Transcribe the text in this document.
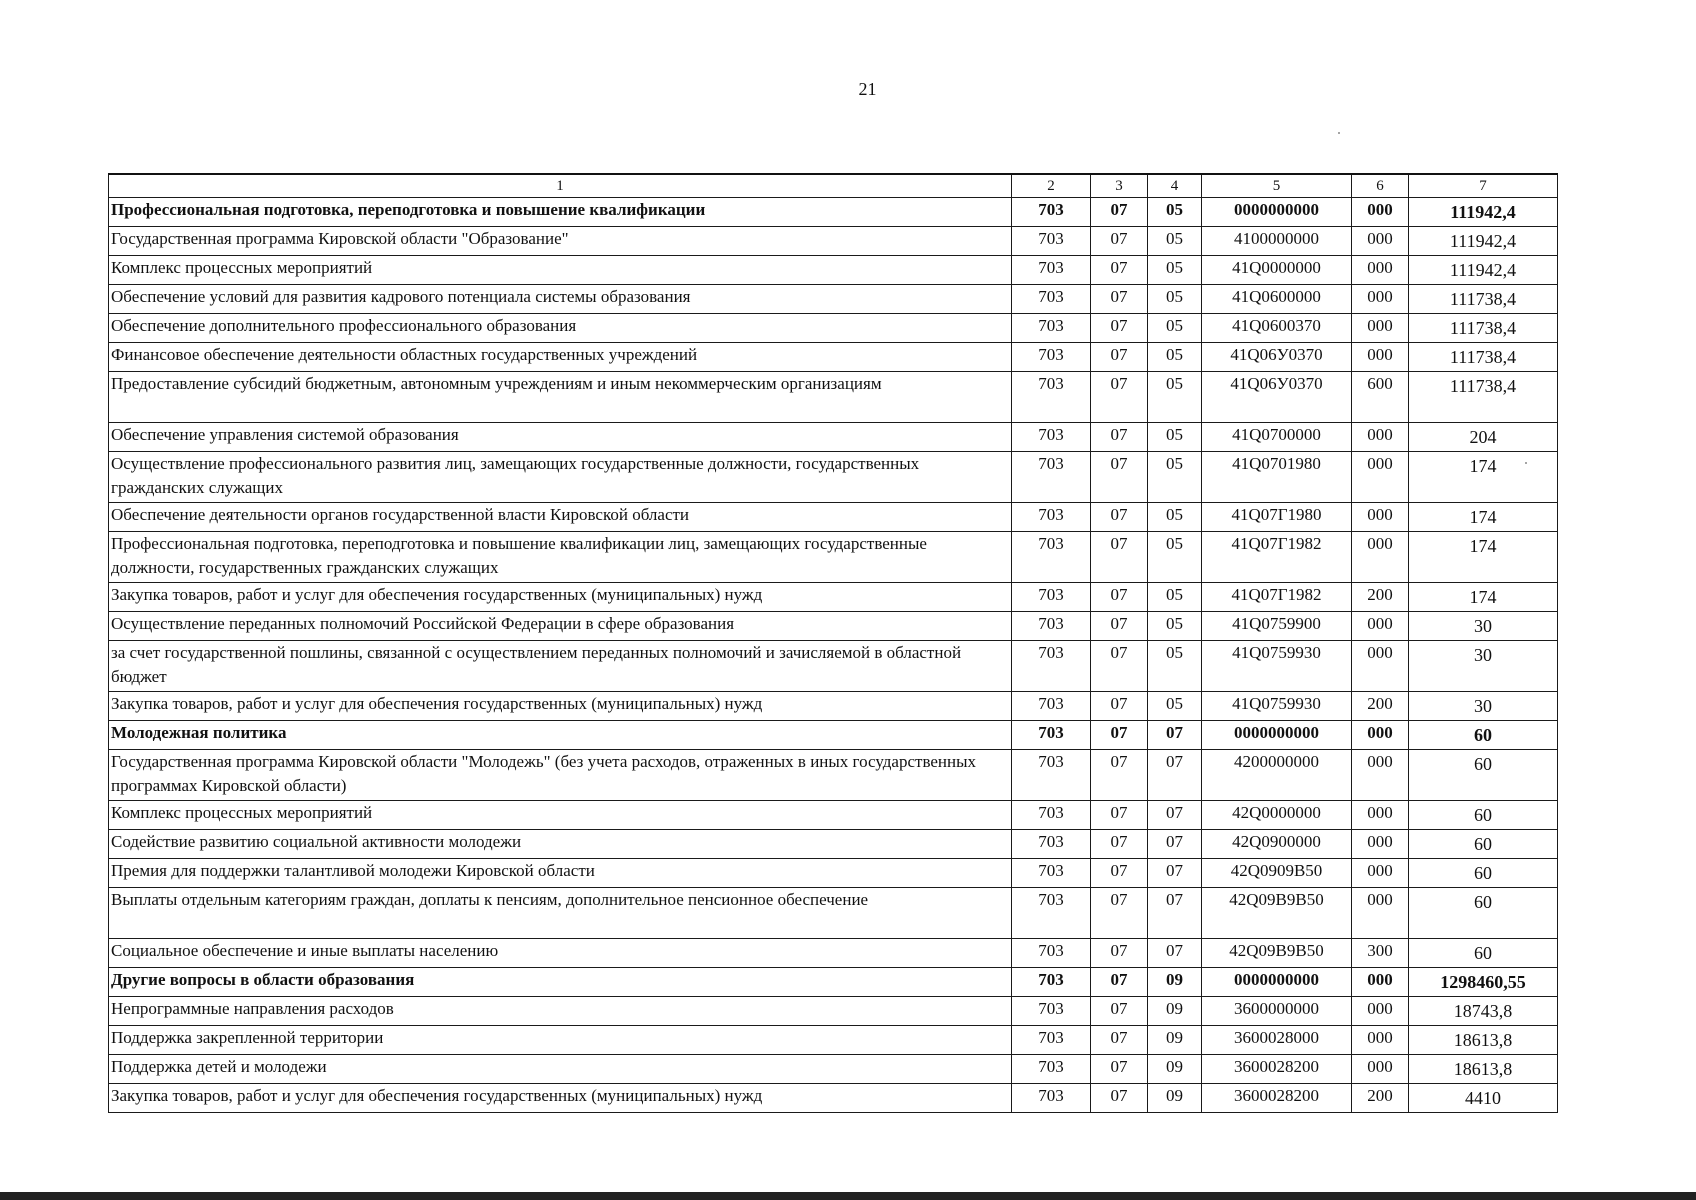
21
1	2	3	4	5	6	7
Профессиональная подготовка, переподготовка и повышение квалификации	703	07	05	0000000000	000	111942,4
Государственная программа Кировской области "Образование"	703	07	05	4100000000	000	111942,4
Комплекс процессных мероприятий	703	07	05	41Q0000000	000	111942,4
Обеспечение условий для развития кадрового потенциала системы образования	703	07	05	41Q0600000	000	111738,4
Обеспечение дополнительного профессионального образования	703	07	05	41Q0600370	000	111738,4
Финансовое обеспечение деятельности областных государственных учреждений	703	07	05	41Q06У0370	000	111738,4
Предоставление субсидий бюджетным, автономным учреждениям и иным некоммерческим организациям	703	07	05	41Q06У0370	600	111738,4
Обеспечение управления системой образования	703	07	05	41Q0700000	000	204
Осуществление профессионального развития лиц, замещающих государственные должности, государственных гражданских служащих	703	07	05	41Q0701980	000	174
Обеспечение деятельности органов государственной власти Кировской области	703	07	05	41Q07Г1980	000	174
Профессиональная подготовка, переподготовка и повышение квалификации лиц, замещающих государственные должности, государственных гражданских служащих	703	07	05	41Q07Г1982	000	174
Закупка товаров, работ и услуг для обеспечения государственных (муниципальных) нужд	703	07	05	41Q07Г1982	200	174
Осуществление переданных полномочий Российской Федерации в сфере образования	703	07	05	41Q0759900	000	30
за счет государственной пошлины, связанной с осуществлением переданных полномочий и зачисляемой в областной бюджет	703	07	05	41Q0759930	000	30
Закупка товаров, работ и услуг для обеспечения государственных (муниципальных) нужд	703	07	05	41Q0759930	200	30
Молодежная политика	703	07	07	0000000000	000	60
Государственная программа Кировской области "Молодежь" (без учета расходов, отраженных в иных государственных программах Кировской области)	703	07	07	4200000000	000	60
Комплекс процессных мероприятий	703	07	07	42Q0000000	000	60
Содействие развитию социальной активности молодежи	703	07	07	42Q0900000	000	60
Премия для поддержки талантливой молодежи Кировской области	703	07	07	42Q0909B50	000	60
Выплаты отдельным категориям граждан, доплаты к пенсиям, дополнительное пенсионное обеспечение	703	07	07	42Q09B9B50	000	60
Социальное обеспечение и иные выплаты населению	703	07	07	42Q09B9B50	300	60
Другие вопросы в области образования	703	07	09	0000000000	000	1298460,55
Непрограммные направления расходов	703	07	09	3600000000	000	18743,8
Поддержка закрепленной территории	703	07	09	3600028000	000	18613,8
Поддержка детей и молодежи	703	07	09	3600028200	000	18613,8
Закупка товаров, работ и услуг для обеспечения государственных (муниципальных) нужд	703	07	09	3600028200	200	4410
